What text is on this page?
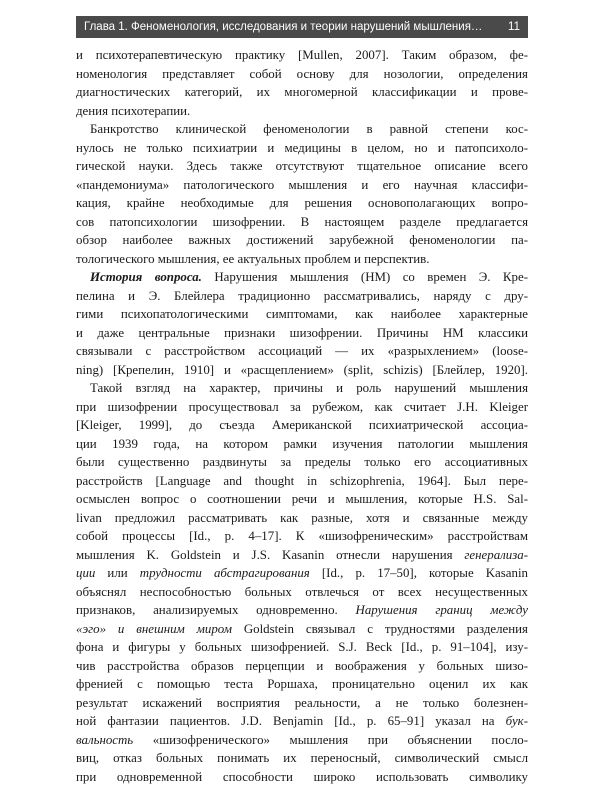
Глава 1. Феноменология, исследования и теории нарушений мышления… 11
и психотерапевтическую практику [Mullen, 2007]. Таким образом, фе-
номенология представляет собой основу для нозологии, определения
диагностических категорий, их многомерной классификации и прове-
дения психотерапии.
Банкротство клинической феноменологии в равной степени кос-
нулось не только психиатрии и медицины в целом, но и патопсихоло-
гической науки. Здесь также отсутствуют тщательное описание всего
«пандемониума» патологического мышления и его научная классифи-
кация, крайне необходимые для решения основополагающих вопро-
сов патопсихологии шизофрении. В настоящем разделе предлагается
обзор наиболее важных достижений зарубежной феноменологии па-
тологического мышления, ее актуальных проблем и перспектив.
История вопроса. Нарушения мышления (НМ) со времен Э. Кре-
пелина и Э. Блейлера традиционно рассматривались, наряду с дру-
гими психопатологическими симптомами, как наиболее характерные
и даже центральные признаки шизофрении. Причины НМ классики
связывали с расстройством ассоциаций — их «разрыхлением» (loose-
ning) [Крепелин, 1910] и «расщеплением» (split, schizis) [Блейлер, 1920].
Такой взгляд на характер, причины и роль нарушений мышления
при шизофрении просуществовал за рубежом, как считает J.H. Kleiger
[Kleiger, 1999], до съезда Американской психиатрической ассоциа-
ции 1939 года, на котором рамки изучения патологии мышления
были существенно раздвинуты за пределы только его ассоциативных
расстройств [Language and thought in schizophrenia, 1964]. Был пере-
осмыслен вопрос о соотношении речи и мышления, которые H.S. Sal-
livan предложил рассматривать как разные, хотя и связанные между
собой процессы [Id., p. 4–17]. К «шизофреническим» расстройствам
мышления K. Goldstein и J.S. Kasanin отнесли нарушения генерализа-
ции или трудности абстрагирования [Id., p. 17–50], которые Kasanin
объяснял неспособностью больных отвлечься от всех несущественных
признаков, анализируемых одновременно. Нарушения границ между
«эго» и внешним миром Goldstein связывал с трудностями разделения
фона и фигуры у больных шизофренией. S.J. Beck [Id., p. 91–104], изу-
чив расстройства образов перцепции и воображения у больных шизо-
френией с помощью теста Роршаха, проницательно оценил их как
результат искажений восприятия реальности, а не только болезнен-
ной фантазии пациентов. J.D. Benjamin [Id., p. 65–91] указал на бук-
вальность «шизофренического» мышления при объяснении посло-
виц, отказ больных понимать их переносный, символический смысл
при одновременной способности широко использовать символику
